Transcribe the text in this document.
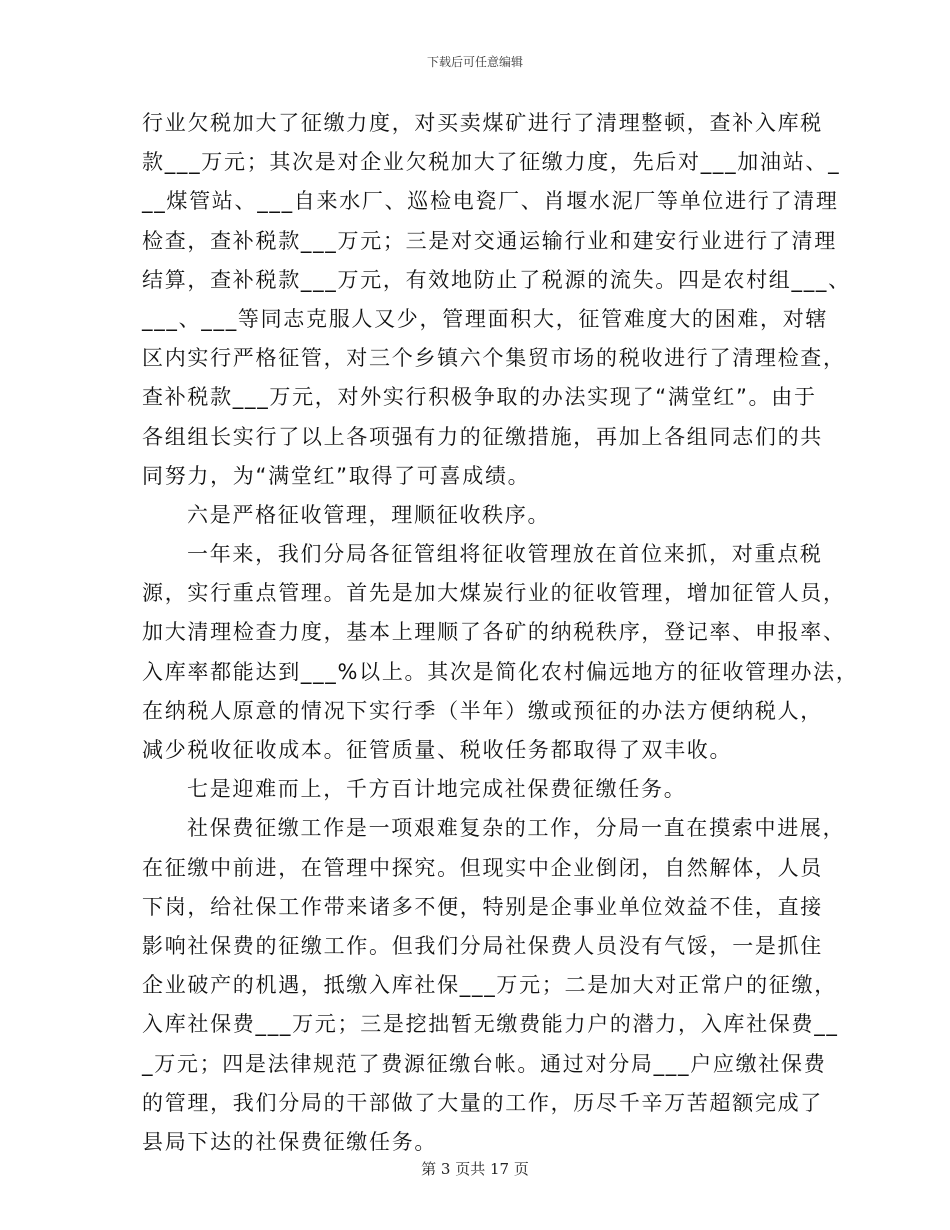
下载后可任意编辑
行业欠税加大了征缴力度，对买卖煤矿进行了清理整顿，查补入库税
款___万元；其次是对企业欠税加大了征缴力度，先后对___加油站、_
__煤管站、___自来水厂、巡检电瓷厂、肖堰水泥厂等单位进行了清理
检查，查补税款___万元；三是对交通运输行业和建安行业进行了清理
结算，查补税款___万元，有效地防止了税源的流失。四是农村组___、
___、___等同志克服人又少，管理面积大，征管难度大的困难，对辖
区内实行严格征管，对三个乡镇六个集贸市场的税收进行了清理检查，
查补税款___万元，对外实行积极争取的办法实现了“满堂红”。由于
各组组长实行了以上各项强有力的征缴措施，再加上各组同志们的共
同努力，为“满堂红”取得了可喜成绩。
六是严格征收管理，理顺征收秩序。
一年来，我们分局各征管组将征收管理放在首位来抓，对重点税
源，实行重点管理。首先是加大煤炭行业的征收管理，增加征管人员，
加大清理检查力度，基本上理顺了各矿的纳税秩序，登记率、申报率、
入库率都能达到___%以上。其次是简化农村偏远地方的征收管理办法，
在纳税人原意的情况下实行季（半年）缴或预征的办法方便纳税人，
减少税收征收成本。征管质量、税收任务都取得了双丰收。
七是迎难而上，千方百计地完成社保费征缴任务。
社保费征缴工作是一项艰难复杂的工作，分局一直在摸索中进展，
在征缴中前进，在管理中探究。但现实中企业倒闭，自然解体，人员
下岗，给社保工作带来诸多不便，特别是企事业单位效益不佳，直接
影响社保费的征缴工作。但我们分局社保费人员没有气馁，一是抓住
企业破产的机遇，抵缴入库社保___万元；二是加大对正常户的征缴，
入库社保费___万元；三是挖拙暂无缴费能力户的潜力，入库社保费__
_万元；四是法律规范了费源征缴台帐。通过对分局___户应缴社保费
的管理，我们分局的干部做了大量的工作，历尽千辛万苦超额完成了
县局下达的社保费征缴任务。
第 3 页共 17 页
